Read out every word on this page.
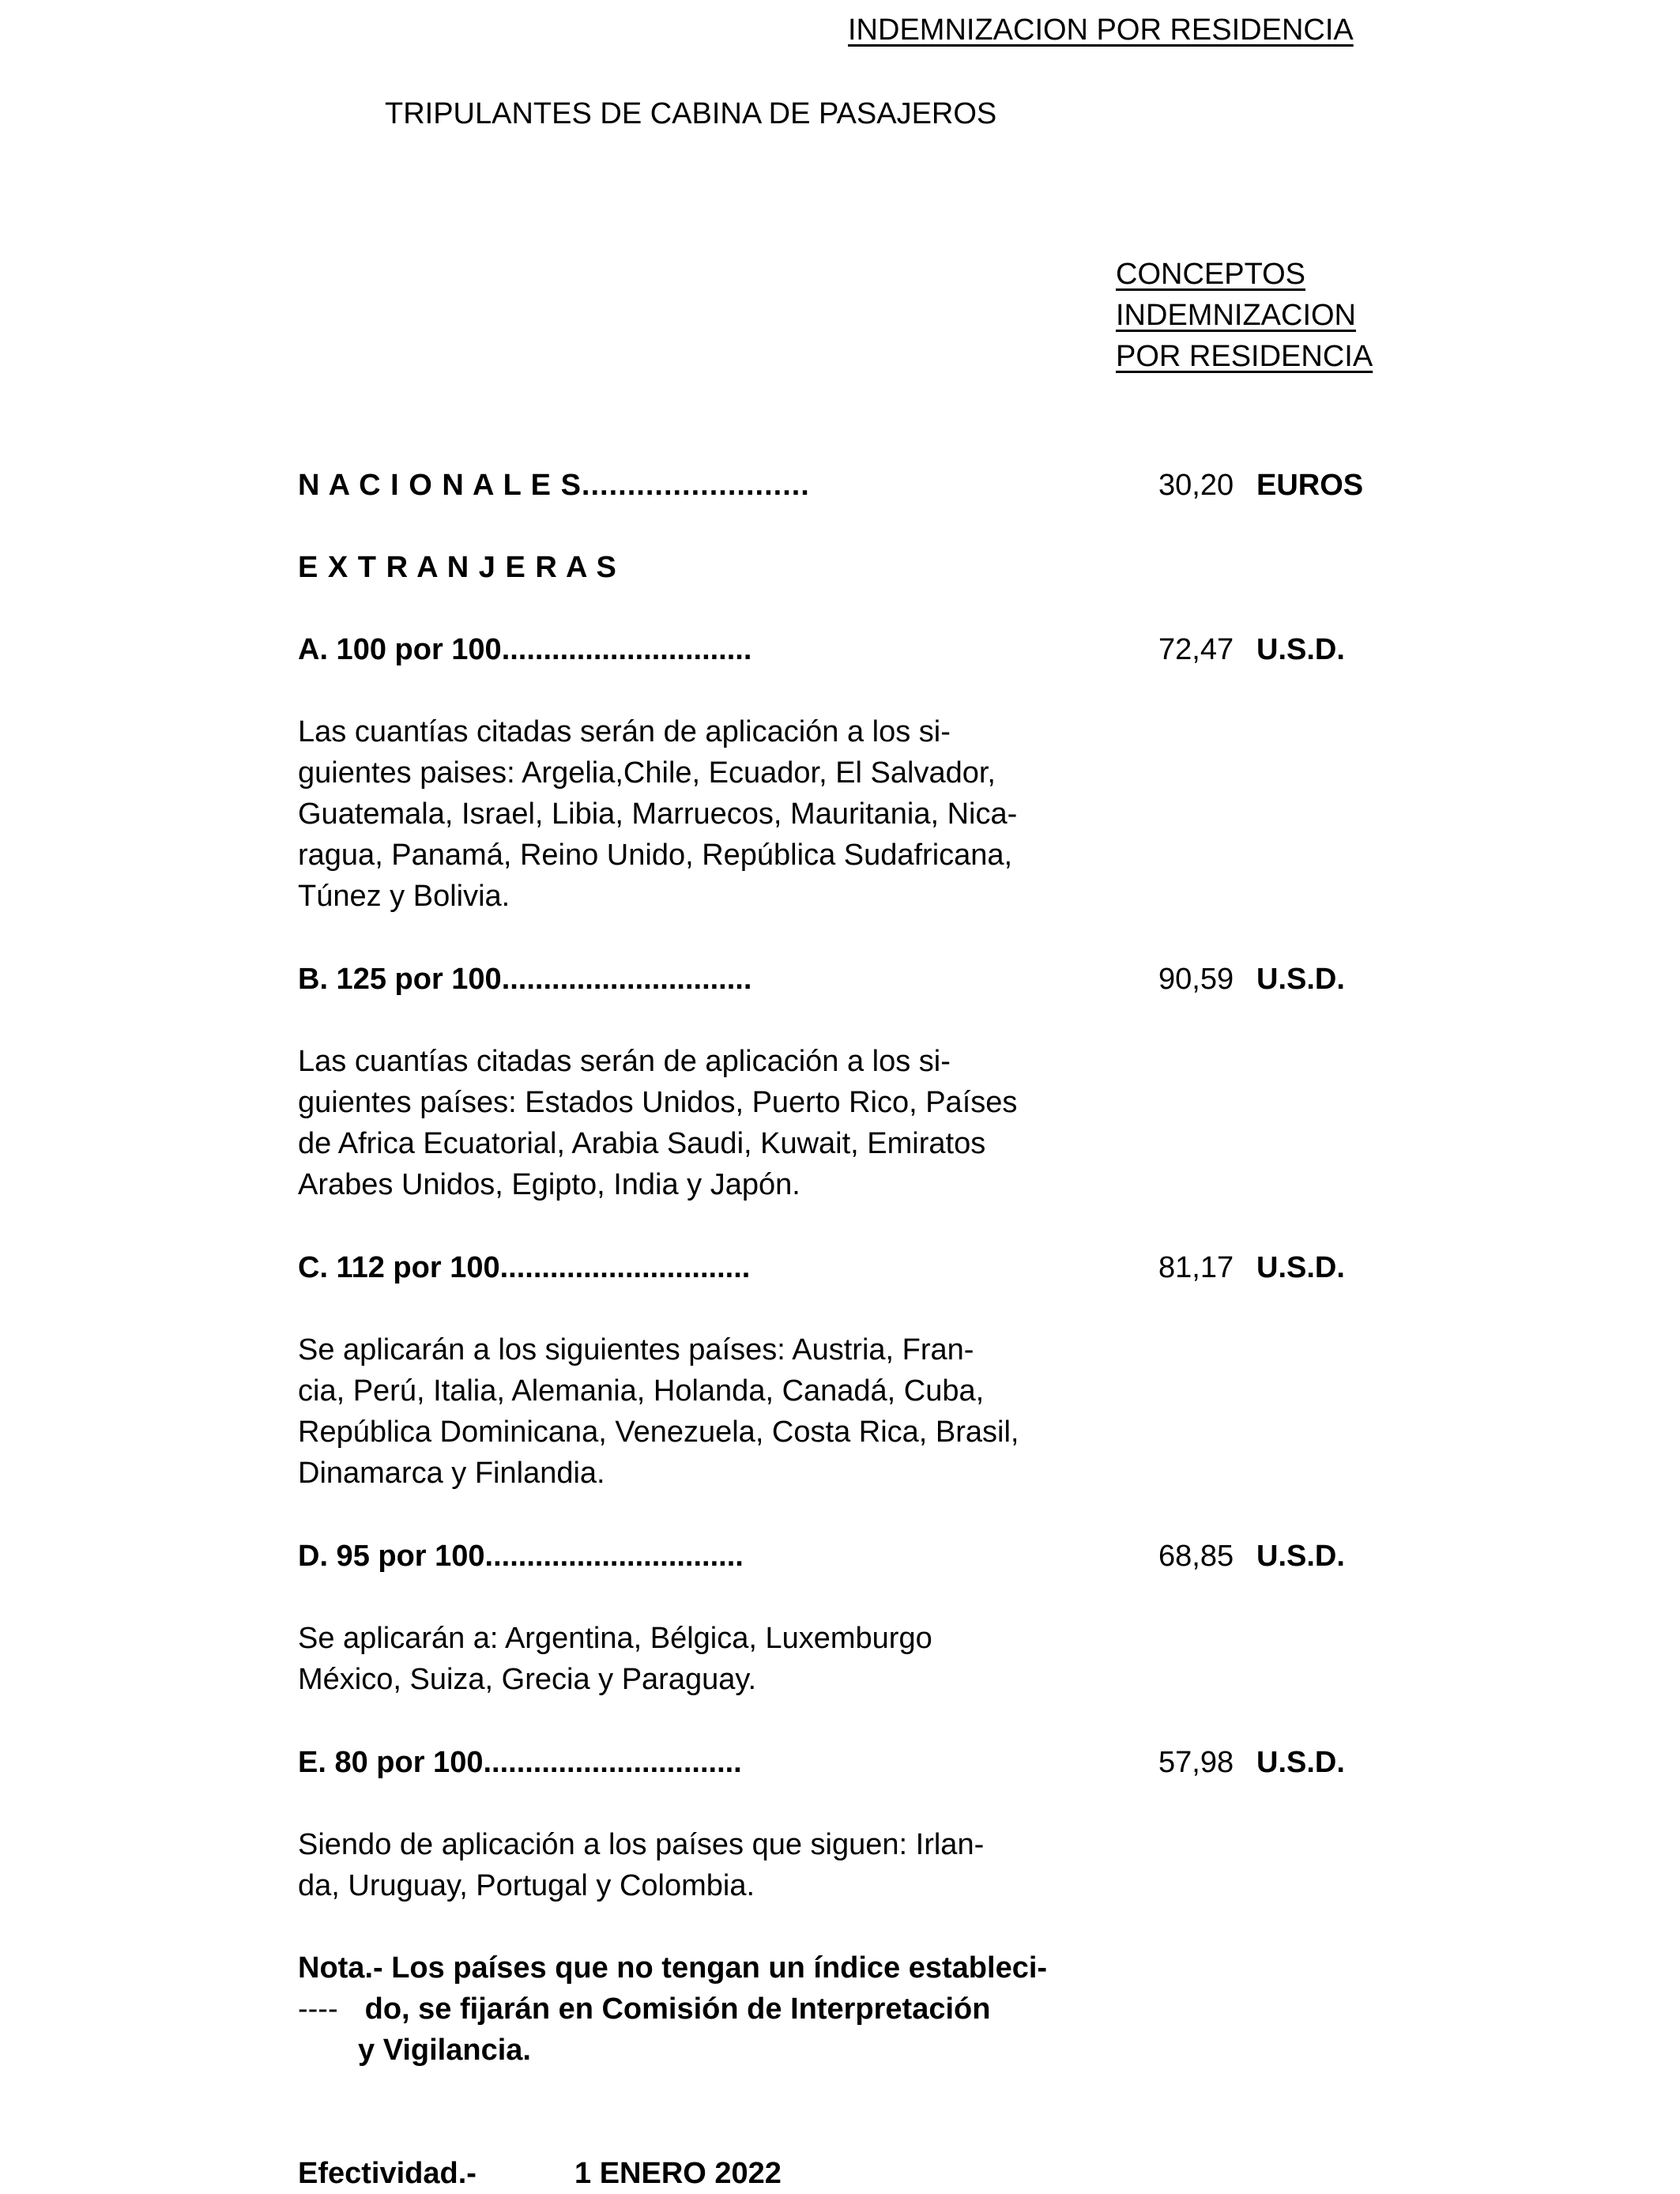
INDEMNIZACION POR RESIDENCIA
TRIPULANTES DE CABINA DE PASAJEROS
CONCEPTOS
INDEMNIZACION
POR RESIDENCIA
N A C I O N A L E S.........................	30,20 EUROS
E X T R A N J E R A S
A. 100 por 100..............................	72,47 U.S.D.
Las cuantías citadas serán de aplicación a los si-
guientes paises: Argelia,Chile, Ecuador, El Salvador,
Guatemala, Israel, Libia, Marruecos, Mauritania, Nica-
ragua, Panamá, Reino Unido, República Sudafricana,
Túnez y Bolivia.
B. 125 por 100..............................	90,59 U.S.D.
Las cuantías citadas serán de aplicación a los si-
guientes países: Estados Unidos, Puerto Rico, Países
de Africa Ecuatorial, Arabia Saudi, Kuwait, Emiratos
Arabes Unidos, Egipto, India y Japón.
C. 112 por 100..............................	81,17 U.S.D.
Se aplicarán a los siguientes países: Austria, Fran-
cia, Perú, Italia, Alemania, Holanda, Canadá, Cuba,
República Dominicana, Venezuela, Costa Rica, Brasil,
Dinamarca y Finlandia.
D. 95 por 100...............................	68,85 U.S.D.
Se aplicarán a: Argentina, Bélgica, Luxemburgo
México, Suiza, Grecia y Paraguay.
E. 80 por 100...............................	57,98 U.S.D.
Siendo de aplicación a los países que siguen: Irlan-
da, Uruguay, Portugal y Colombia.
Nota.- Los países que no tengan un índice estableci-
---- do, se fijarán en Comisión de Interpretación
y Vigilancia.
Efectividad.-	1 ENERO 2022
